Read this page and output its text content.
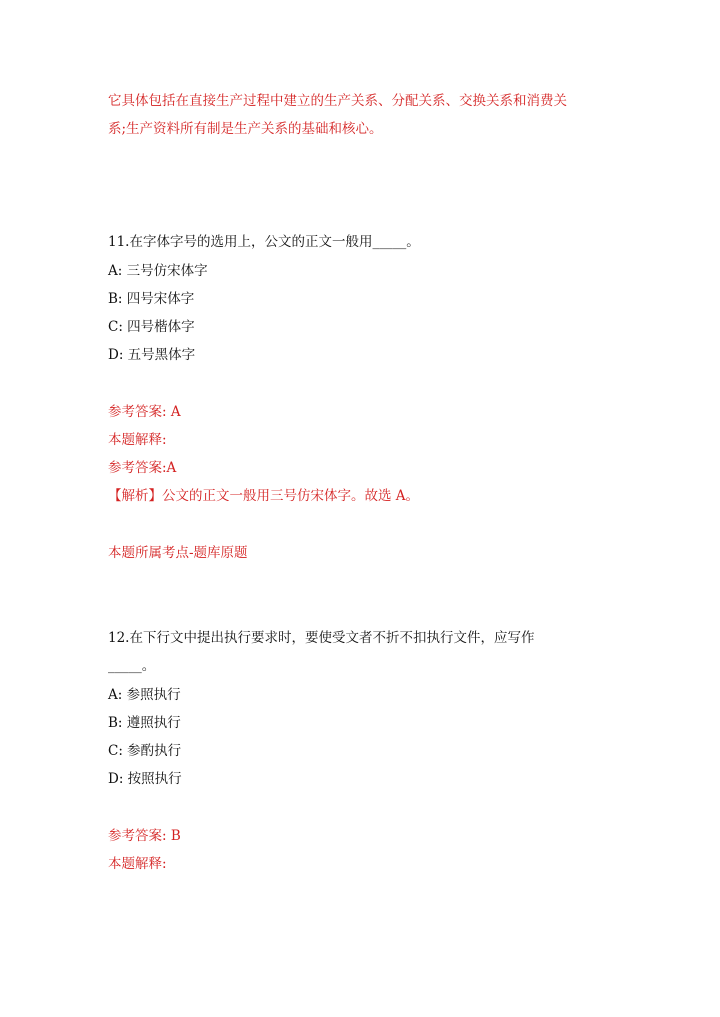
它具体包括在直接生产过程中建立的生产关系、分配关系、交换关系和消费关
系;生产资料所有制是生产关系的基础和核心。
11.在字体字号的选用上，公文的正文一般用_____。
A: 三号仿宋体字
B: 四号宋体字
C: 四号楷体字
D: 五号黑体字
参考答案: A
本题解释:
参考答案:A
【解析】公文的正文一般用三号仿宋体字。故选 A。
本题所属考点-题库原题
12.在下行文中提出执行要求时，要使受文者不折不扣执行文件，应写作
_____。
A: 参照执行
B: 遵照执行
C: 参酌执行
D: 按照执行
参考答案: B
本题解释:
